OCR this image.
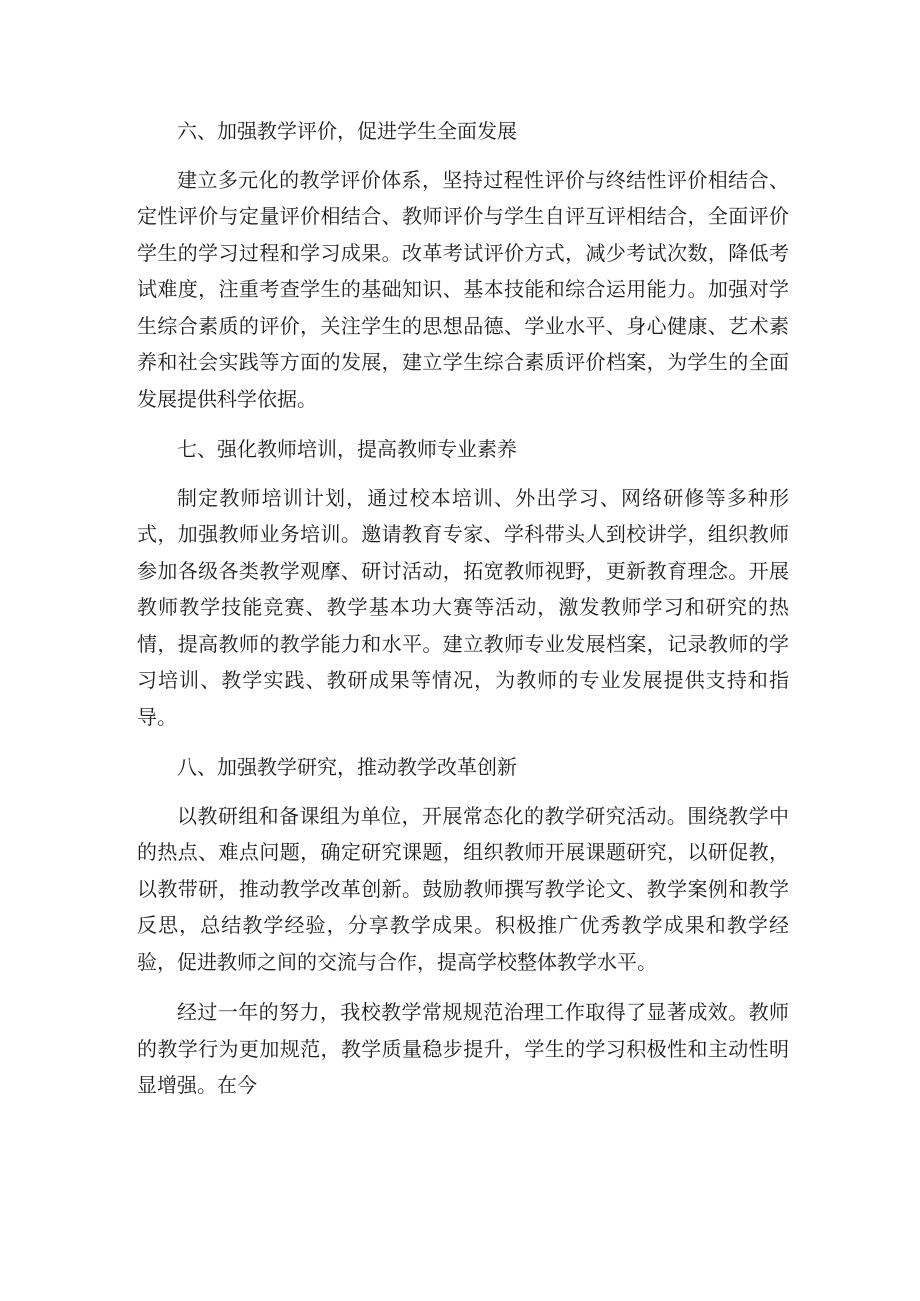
六、加强教学评价，促进学生全面发展

建立多元化的教学评价体系，坚持过程性评价与终结性评价相结合、定性评价与定量评价相结合、教师评价与学生自评互评相结合，全面评价学生的学习过程和学习成果。改革考试评价方式，减少考试次数，降低考试难度，注重考查学生的基础知识、基本技能和综合运用能力。加强对学生综合素质的评价，关注学生的思想品德、学业水平、身心健康、艺术素养和社会实践等方面的发展，建立学生综合素质评价档案，为学生的全面发展提供科学依据。

七、强化教师培训，提高教师专业素养

制定教师培训计划，通过校本培训、外出学习、网络研修等多种形式，加强教师业务培训。邀请教育专家、学科带头人到校讲学，组织教师参加各级各类教学观摩、研讨活动，拓宽教师视野，更新教育理念。开展教师教学技能竞赛、教学基本功大赛等活动，激发教师学习和研究的热情，提高教师的教学能力和水平。建立教师专业发展档案，记录教师的学习培训、教学实践、教研成果等情况，为教师的专业发展提供支持和指导。

八、加强教学研究，推动教学改革创新

以教研组和备课组为单位，开展常态化的教学研究活动。围绕教学中的热点、难点问题，确定研究课题，组织教师开展课题研究，以研促教，以教带研，推动教学改革创新。鼓励教师撰写教学论文、教学案例和教学反思，总结教学经验，分享教学成果。积极推广优秀教学成果和教学经验，促进教师之间的交流与合作，提高学校整体教学水平。

经过一年的努力，我校教学常规规范治理工作取得了显著成效。教师的教学行为更加规范，教学质量稳步提升，学生的学习积极性和主动性明显增强。在今
